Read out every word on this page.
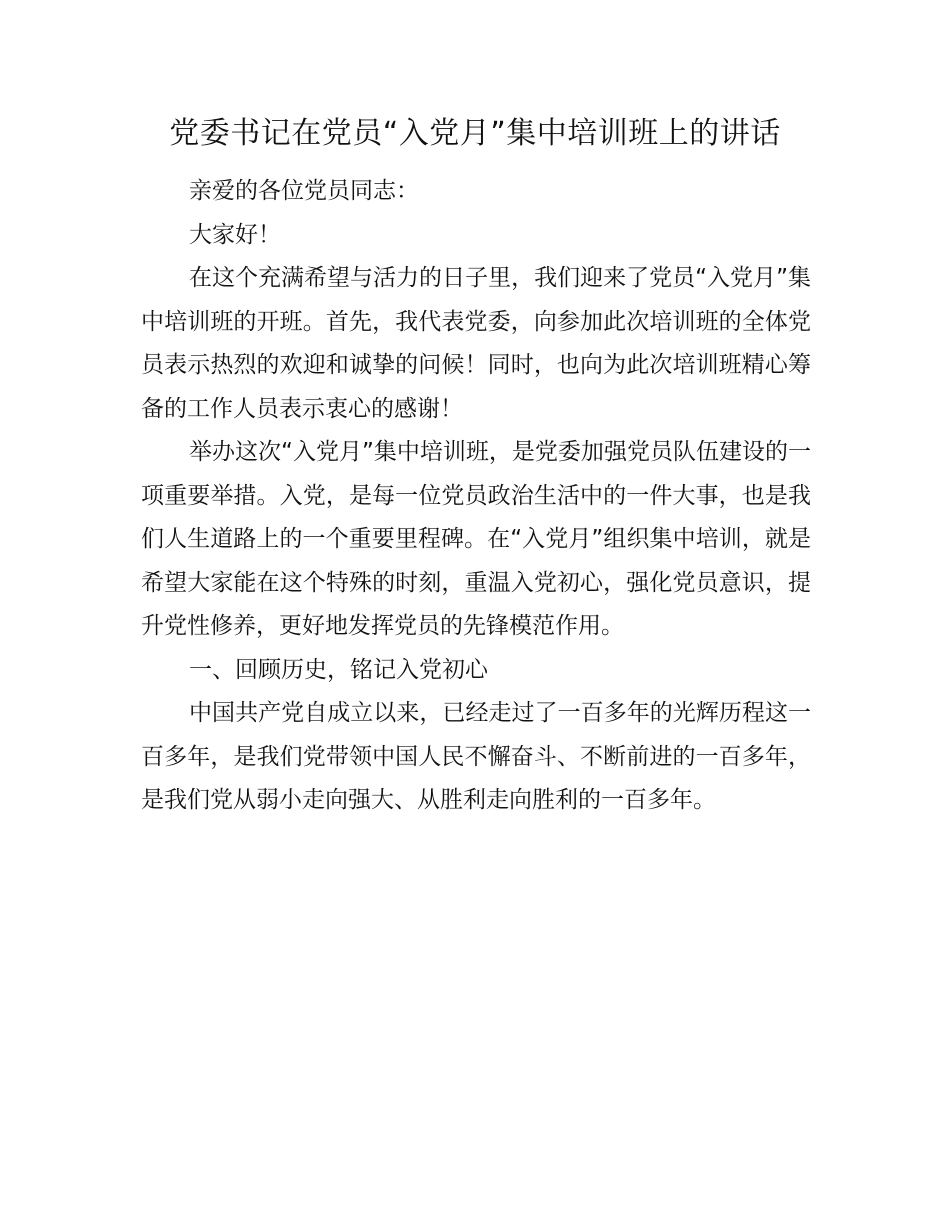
党委书记在党员“入党月”集中培训班上的讲话

亲爱的各位党员同志：

大家好！

在这个充满希望与活力的日子里，我们迎来了党员“入党月”集中培训班的开班。首先，我代表党委，向参加此次培训班的全体党员表示热烈的欢迎和诚挚的问候！同时，也向为此次培训班精心筹备的工作人员表示衷心的感谢！

举办这次“入党月”集中培训班，是党委加强党员队伍建设的一项重要举措。入党，是每一位党员政治生活中的一件大事，也是我们人生道路上的一个重要里程碑。在“入党月”组织集中培训，就是希望大家能在这个特殊的时刻，重温入党初心，强化党员意识，提升党性修养，更好地发挥党员的先锋模范作用。

一、回顾历史，铭记入党初心

中国共产党自成立以来，已经走过了一百多年的光辉历程这一百多年，是我们党带领中国人民不懈奋斗、不断前进的一百多年，是我们党从弱小走向强大、从胜利走向胜利的一百多年。
